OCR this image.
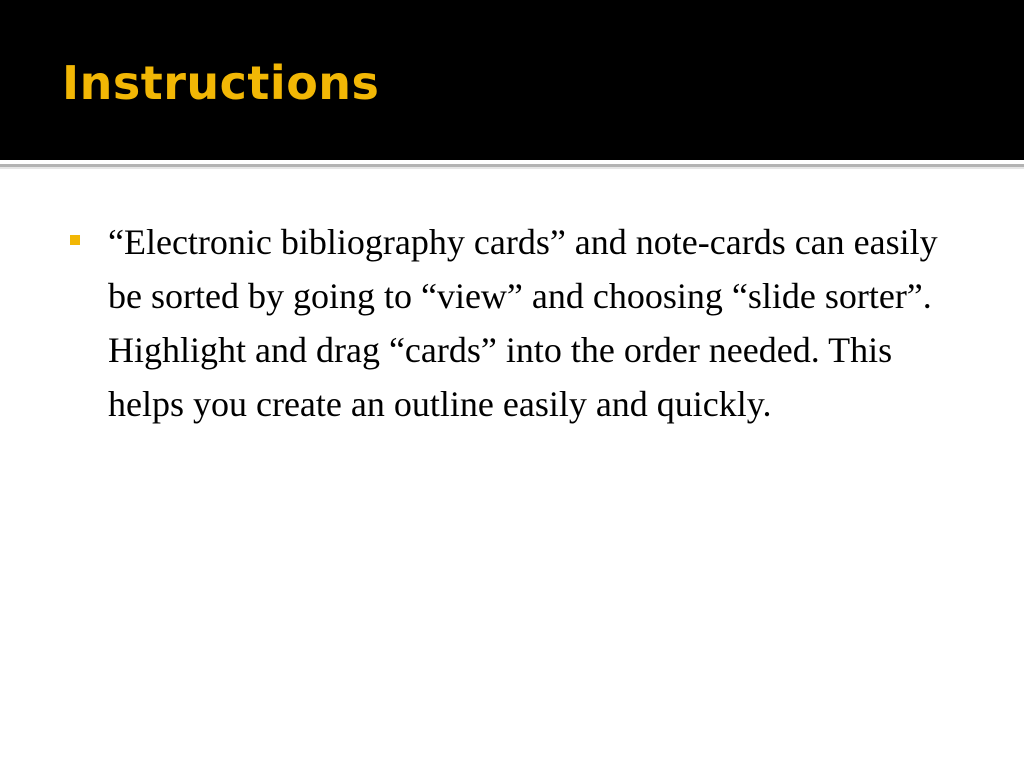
Instructions

“Electronic bibliography cards” and note-cards can easily be sorted by going to “view” and choosing “slide sorter”. Highlight and drag “cards” into the order needed. This helps you create an outline easily and quickly.
